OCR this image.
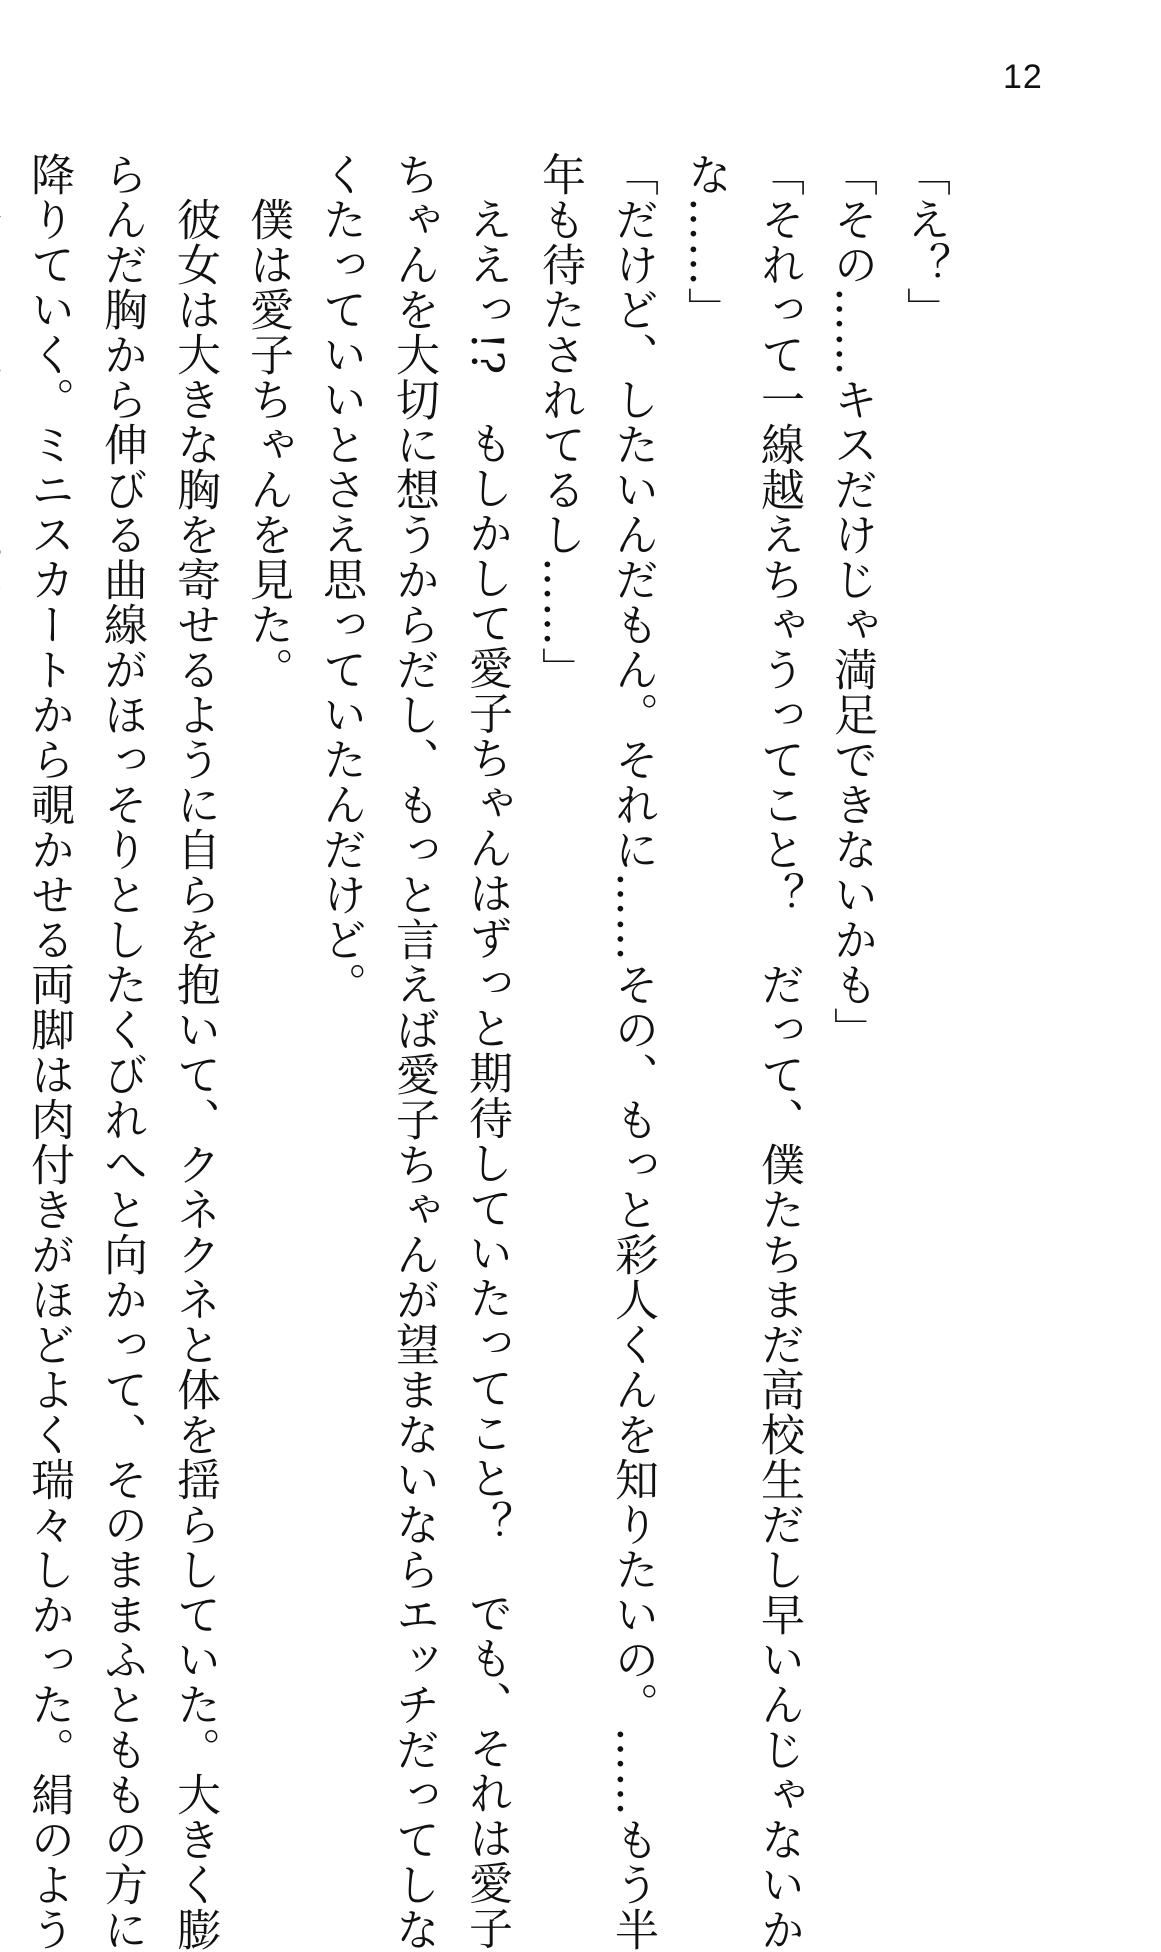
12
「え？」
「その……キスだけじゃ満足できないかも」
「それって一線越えちゃうってこと？　だって、僕たちまだ高校生だし早いんじゃないか
な……」
「だけど、したいんだもん。それに……その、もっと彩人くんを知りたいの。……もう半
年も待たされてるし……」
　ええっ!?　もしかして愛子ちゃんはずっと期待していたってこと？　でも、それは愛子
ちゃんを大切に想うからだし、もっと言えば愛子ちゃんが望まないならエッチだってしな
くたっていいとさえ思っていたんだけど。
　僕は愛子ちゃんを見た。
　彼女は大きな胸を寄せるように自らを抱いて、クネクネと体を揺らしていた。大きく膨
らんだ胸から伸びる曲線がほっそりとしたくびれへと向かって、そのままふとももの方に
降りていく。ミニスカートから覗かせる両脚は肉付きがほどよく瑞々しかった。絹のよう
